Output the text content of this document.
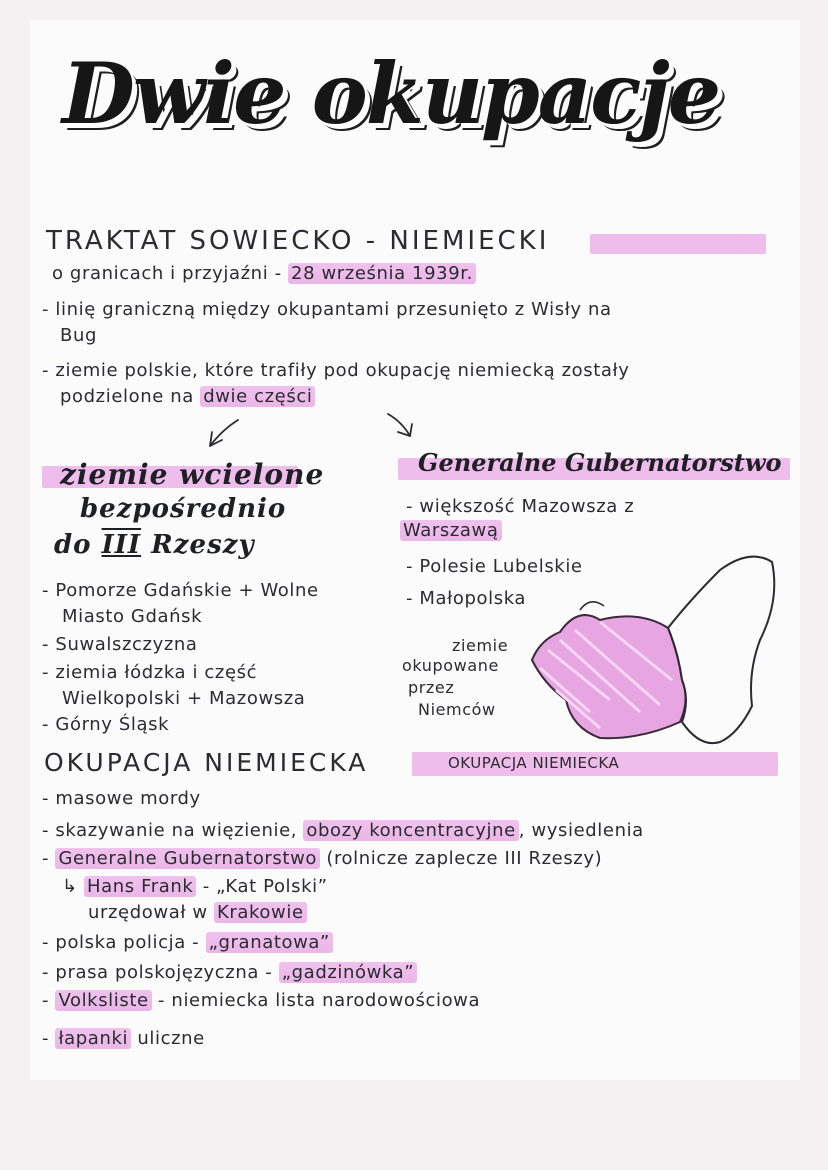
Dwie okupacje
TRAKTAT SOWIECKO - NIEMIECKI
o granicach i przyjaźni - 28 września 1939r.
- linię graniczną między okupantami przesunięto z Wisły na
Bug
- ziemie polskie, które trafiły pod okupację niemiecką zostały
podzielone na dwie części
ziemie wcielone
bezpośrednio
do III Rzeszy
- Pomorze Gdańskie + Wolne
Miasto Gdańsk
- Suwalszczyzna
- ziemia łódzka i część
Wielkopolski + Mazowsza
- Górny Śląsk
Generalne Gubernatorstwo
- większość Mazowsza z
Warszawą
- Polesie Lubelskie
- Małopolska
ziemie
okupowane
przez
Niemców
OKUPACJA NIEMIECKA	OKUPACJA NIEMIECKA
- masowe mordy
- skazywanie na więzienie, obozy koncentracyjne , wysiedlenia
- Generalne Gubernatorstwo (rolnicze zaplecze III Rzeszy)
↳ Hans Frank - „Kat Polski”
urzędował w Krakowie
- polska policja - „granatowa”
- prasa polskojęzyczna - „gadzinówka”
- Volksliste - niemiecka lista narodowościowa
- łapanki uliczne
